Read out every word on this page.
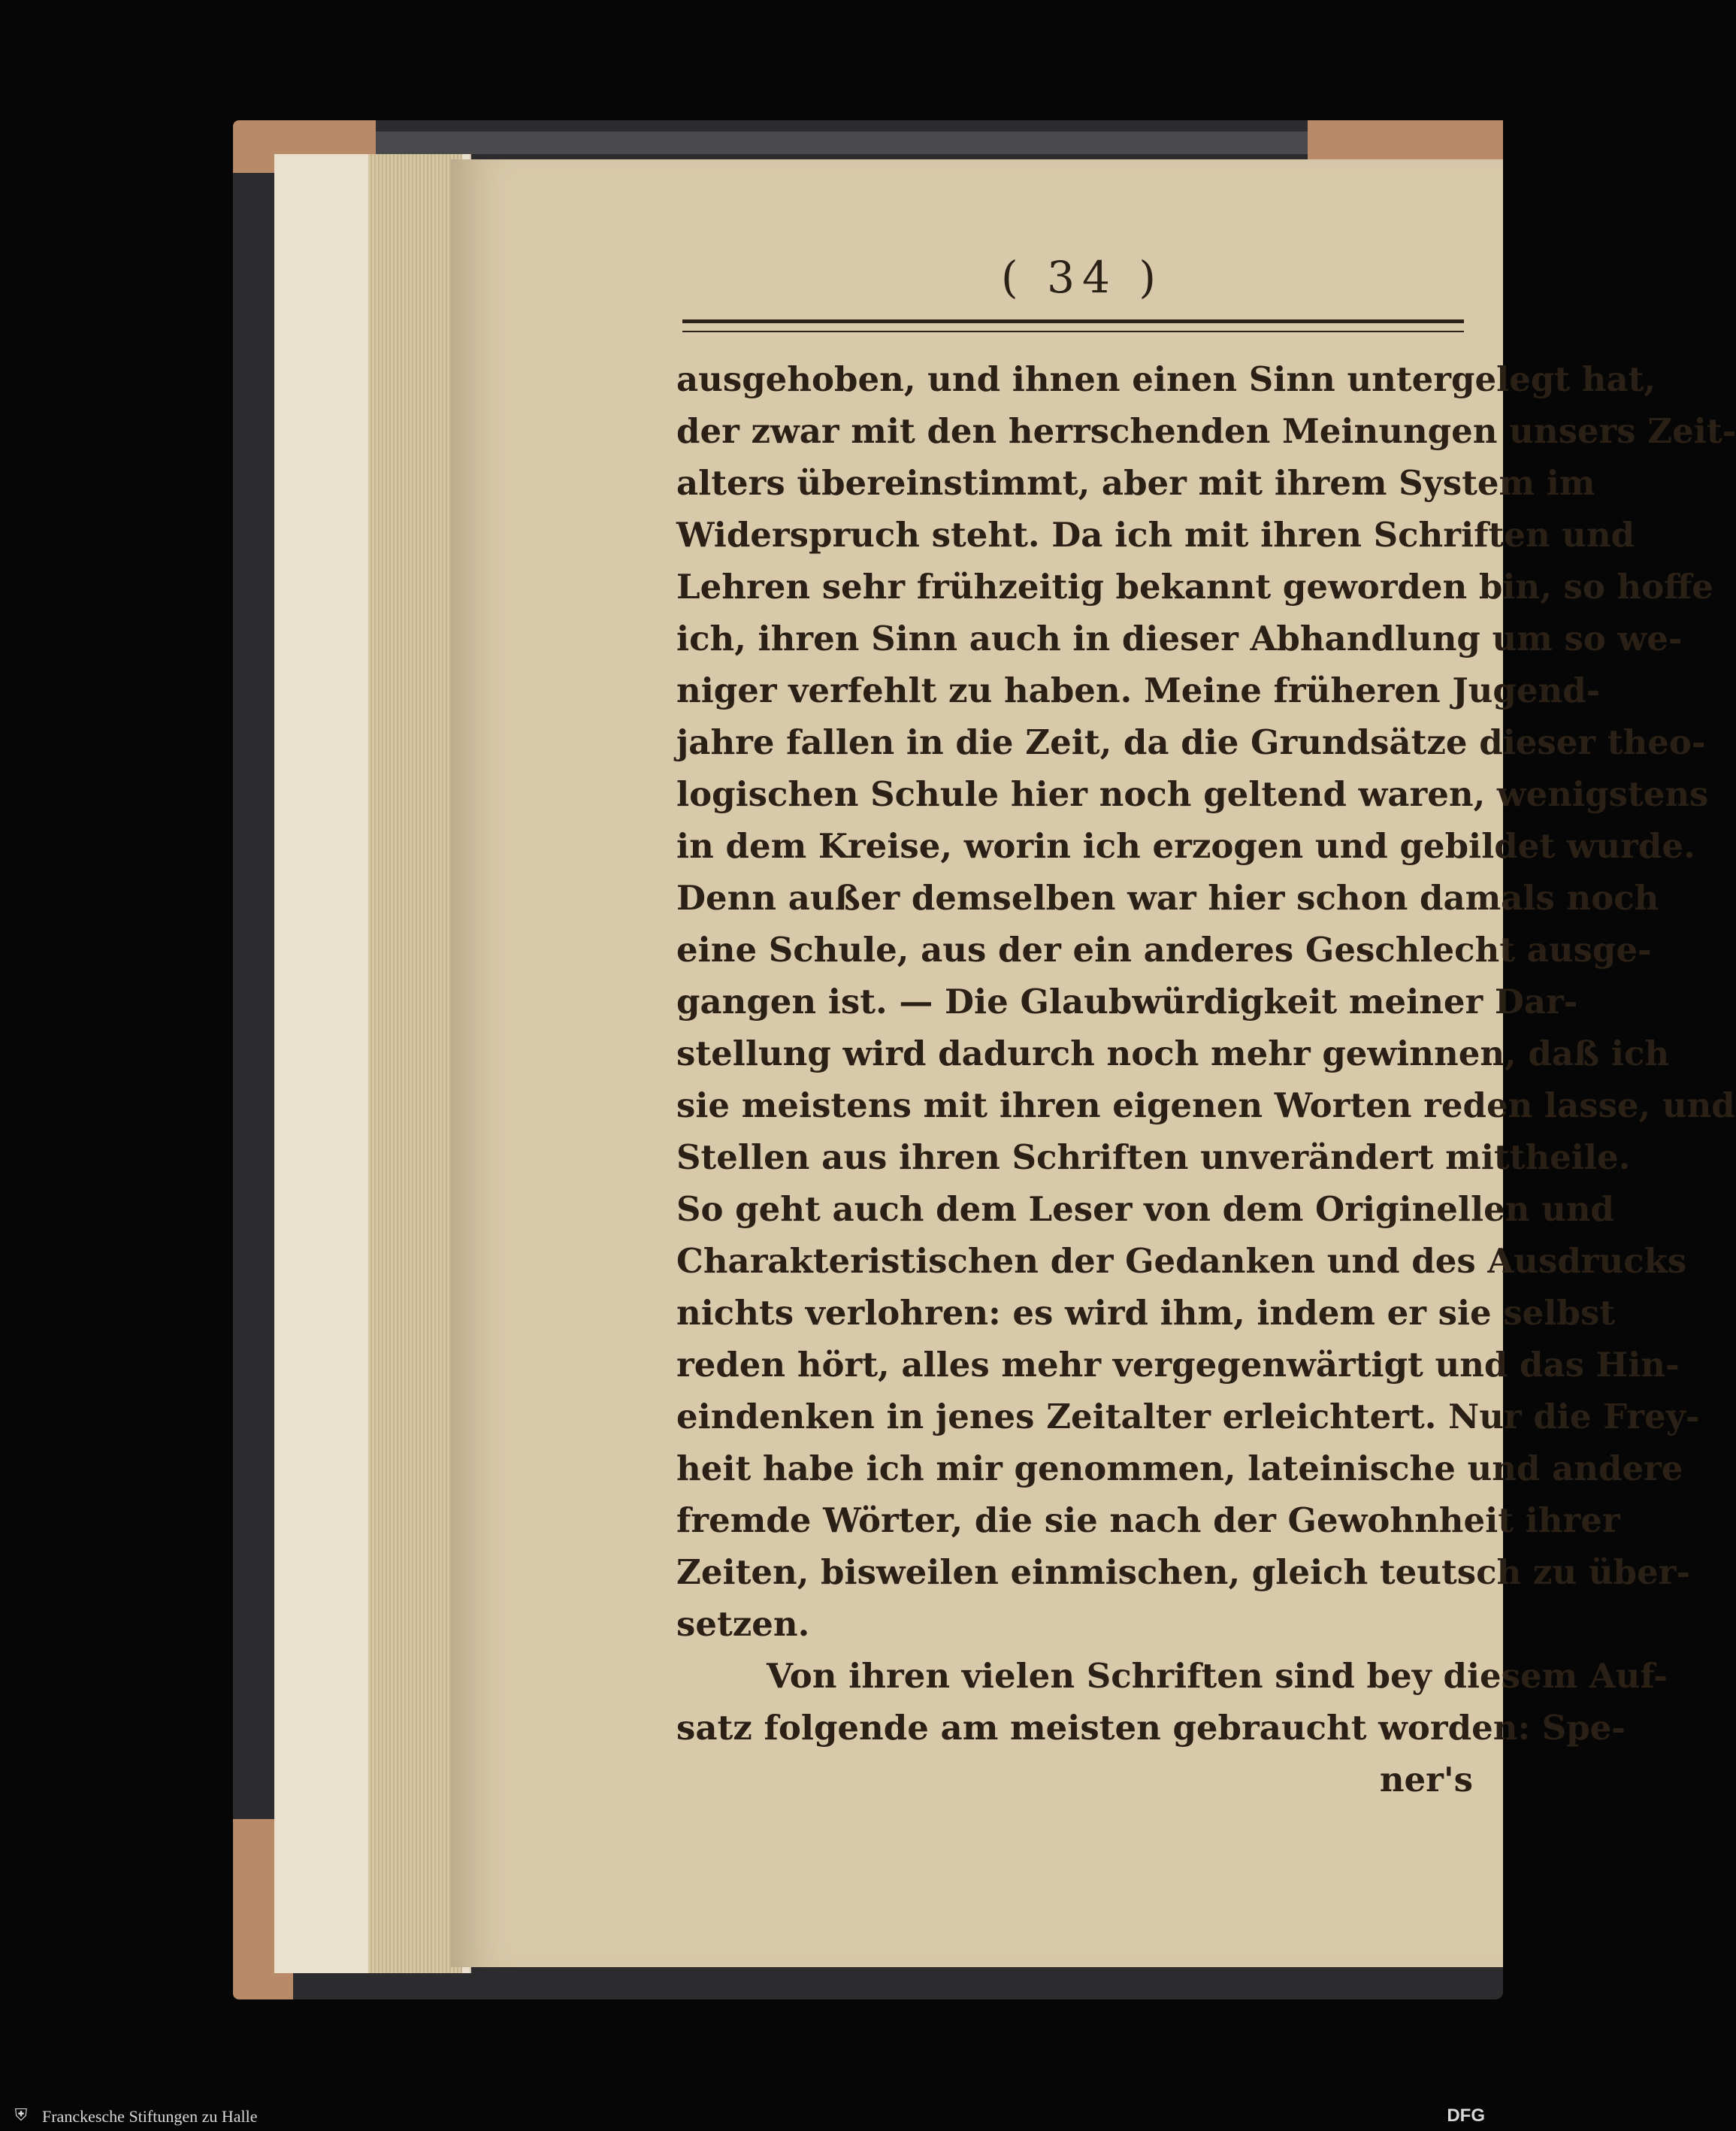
( 34 )
ausgehoben, und ihnen einen Sinn untergelegt hat,
der zwar mit den herrschenden Meinungen unsers Zeit-
alters übereinstimmt, aber mit ihrem System im
Widerspruch steht. Da ich mit ihren Schriften und
Lehren sehr frühzeitig bekannt geworden bin, so hoffe
ich, ihren Sinn auch in dieser Abhandlung um so we-
niger verfehlt zu haben. Meine früheren Jugend-
jahre fallen in die Zeit, da die Grundsätze dieser theo-
logischen Schule hier noch geltend waren, wenigstens
in dem Kreise, worin ich erzogen und gebildet wurde.
Denn außer demselben war hier schon damals noch
eine Schule, aus der ein anderes Geschlecht ausge-
gangen ist. — Die Glaubwürdigkeit meiner Dar-
stellung wird dadurch noch mehr gewinnen, daß ich
sie meistens mit ihren eigenen Worten reden lasse, und
Stellen aus ihren Schriften unverändert mittheile.
So geht auch dem Leser von dem Originellen und
Charakteristischen der Gedanken und des Ausdrucks
nichts verlohren: es wird ihm, indem er sie selbst
reden hört, alles mehr vergegenwärtigt und das Hin-
eindenken in jenes Zeitalter erleichtert. Nur die Frey-
heit habe ich mir genommen, lateinische und andere
fremde Wörter, die sie nach der Gewohnheit ihrer
Zeiten, bisweilen einmischen, gleich teutsch zu über-
setzen.
Von ihren vielen Schriften sind bey diesem Auf-
satz folgende am meisten gebraucht worden: Spe-
ner's
⛨ Franckesche Stiftungen zu Halle	DFG
